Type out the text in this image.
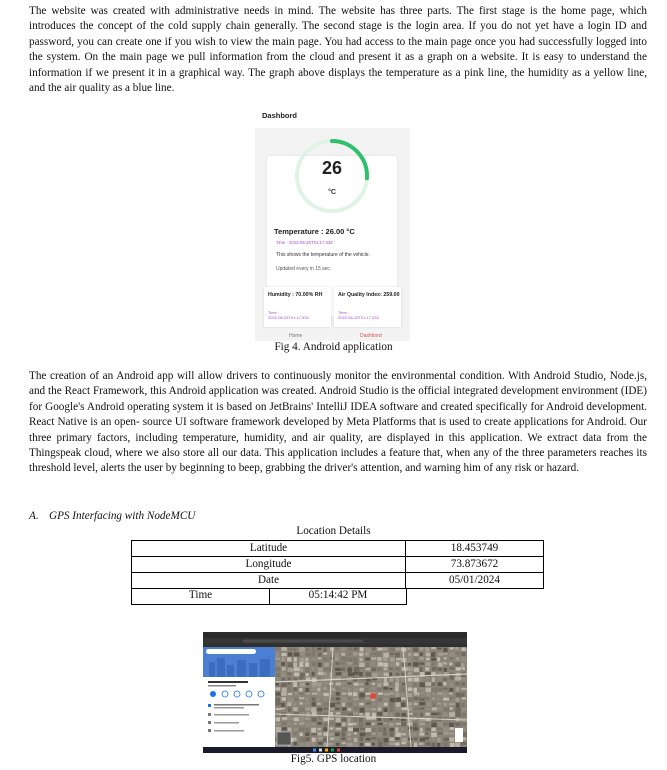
The website was created with administrative needs in mind. The website has three parts. The first stage is the home page, which introduces the concept of the cold supply chain generally. The second stage is the login area. If you do not yet have a login ID and password, you can create one if you wish to view the main page. You had access to the main page once you had successfully logged into the system. On the main page we pull information from the cloud and present it as a graph on a website. It is easy to understand the information if we present it in a graphical way. The graph above displays the temperature as a pink line, the humidity as a yellow line, and the air quality as a blue line.

Dashbord
26
°C
Temperature : 26.00 °C
Time : 2022-06-25T01:17:33Z
This shows the temperature of the vehicle.
Updated every in 15 sec.
Humidity : 70.00% RH
Time :
2022-06-25T01:17:33Z
Air Quality Index: 259.00
Time :
2022-06-25T01:17:33Z
Home	Dashbord
Fig 4. Android application

The creation of an Android app will allow drivers to continuously monitor the environmental condition. With Android Studio, Node.js, and the React Framework, this Android application was created. Android Studio is the official integrated development environment (IDE) for Google's Android operating system it is based on JetBrains' IntelliJ IDEA software and created specifically for Android development. React Native is an open- source UI software framework developed by Meta Platforms that is used to create applications for Android. Our three primary factors, including temperature, humidity, and air quality, are displayed in this application. We extract data from the Thingspeak cloud, where we also store all our data. This application includes a feature that, when any of the three parameters reaches its threshold level, alerts the user by beginning to beep, grabbing the driver's attention, and warning him of any risk or hazard.

A. GPS Interfacing with NodeMCU
Location Details
Latitude	18.453749
Longitude	73.873672
Date	05/01/2024
Time	05:14:42 PM
Fig5. GPS location
